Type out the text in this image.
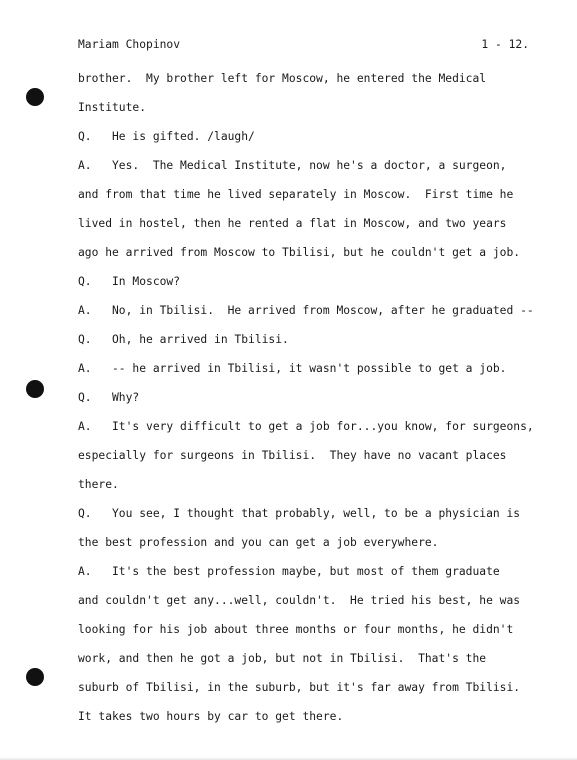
Mariam Chopinov	1 - 12.
brother.  My brother left for Moscow, he entered the Medical
Institute.
Q.   He is gifted. /laugh/
A.   Yes.  The Medical Institute, now he's a doctor, a surgeon,
and from that time he lived separately in Moscow.  First time he
lived in hostel, then he rented a flat in Moscow, and two years
ago he arrived from Moscow to Tbilisi, but he couldn't get a job.
Q.   In Moscow?
A.   No, in Tbilisi.  He arrived from Moscow, after he graduated --
Q.   Oh, he arrived in Tbilisi.
A.   -- he arrived in Tbilisi, it wasn't possible to get a job.
Q.   Why?
A.   It's very difficult to get a job for...you know, for surgeons,
especially for surgeons in Tbilisi.  They have no vacant places
there.
Q.   You see, I thought that probably, well, to be a physician is
the best profession and you can get a job everywhere.
A.   It's the best profession maybe, but most of them graduate
and couldn't get any...well, couldn't.  He tried his best, he was
looking for his job about three months or four months, he didn't
work, and then he got a job, but not in Tbilisi.  That's the
suburb of Tbilisi, in the suburb, but it's far away from Tbilisi.
It takes two hours by car to get there.
